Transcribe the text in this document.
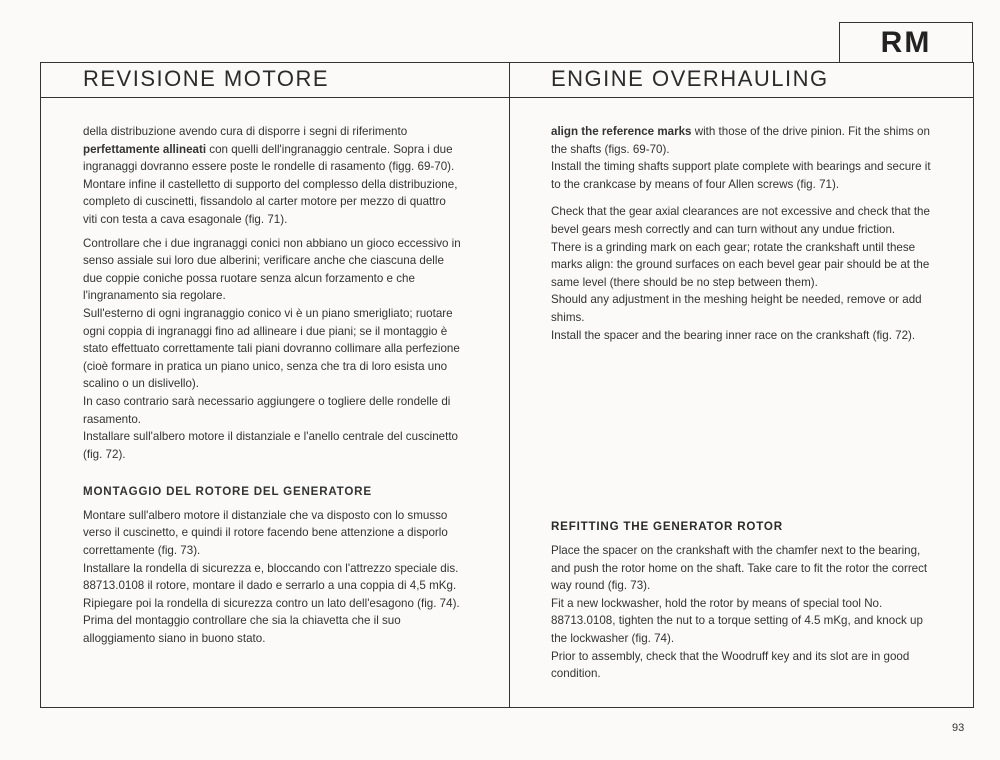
RM
REVISIONE MOTORE	ENGINE OVERHAULING

della distribuzione avendo cura di disporre i segni di riferimento perfettamente allineati con quelli dell'ingranaggio centrale. Sopra i due ingranaggi dovranno essere poste le rondelle di rasamento (figg. 69-70). Montare infine il castelletto di supporto del complesso della distribuzione, completo di cuscinetti, fissandolo al carter motore per mezzo di quattro viti con testa a cava esagonale (fig. 71).

Controllare che i due ingranaggi conici non abbiano un gioco eccessivo in senso assiale sui loro due alberini; verificare anche che ciascuna delle due coppie coniche possa ruotare senza alcun forzamento e che l'ingranamento sia regolare.

Sull'esterno di ogni ingranaggio conico vi è un piano smerigliato; ruotare ogni coppia di ingranaggi fino ad allineare i due piani; se il montaggio è stato effettuato correttamente tali piani dovranno collimare alla perfezione (cioè formare in pratica un piano unico, senza che tra di loro esista uno scalino o un dislivello).

In caso contrario sarà necessario aggiungere o togliere delle rondelle di rasamento.

Installare sull'albero motore il distanziale e l'anello centrale del cuscinetto (fig. 72).

MONTAGGIO DEL ROTORE DEL GENERATORE

Montare sull'albero motore il distanziale che va disposto con lo smusso verso il cuscinetto, e quindi il rotore facendo bene attenzione a disporlo correttamente (fig. 73).

Installare la rondella di sicurezza e, bloccando con l'attrezzo speciale dis. 88713.0108 il rotore, montare il dado e serrarlo a una coppia di 4,5 mKg. Ripiegare poi la rondella di sicurezza contro un lato dell'esagono (fig. 74).

Prima del montaggio controllare che sia la chiavetta che il suo alloggiamento siano in buono stato.

align the reference marks with those of the drive pinion. Fit the shims on the shafts (figs. 69-70).

Install the timing shafts support plate complete with bearings and secure it to the crankcase by means of four Allen screws (fig. 71).

Check that the gear axial clearances are not excessive and check that the bevel gears mesh correctly and can turn without any undue friction.

There is a grinding mark on each gear; rotate the crankshaft until these marks align: the ground surfaces on each bevel gear pair should be at the same level (there should be no step between them).

Should any adjustment in the meshing height be needed, remove or add shims.

Install the spacer and the bearing inner race on the crankshaft (fig. 72).

REFITTING THE GENERATOR ROTOR

Place the spacer on the crankshaft with the chamfer next to the bearing, and push the rotor home on the shaft. Take care to fit the rotor the correct way round (fig. 73).

Fit a new lockwasher, hold the rotor by means of special tool No. 88713.0108, tighten the nut to a torque setting of 4.5 mKg, and knock up the lockwasher (fig. 74).

Prior to assembly, check that the Woodruff key and its slot are in good condition.

93
